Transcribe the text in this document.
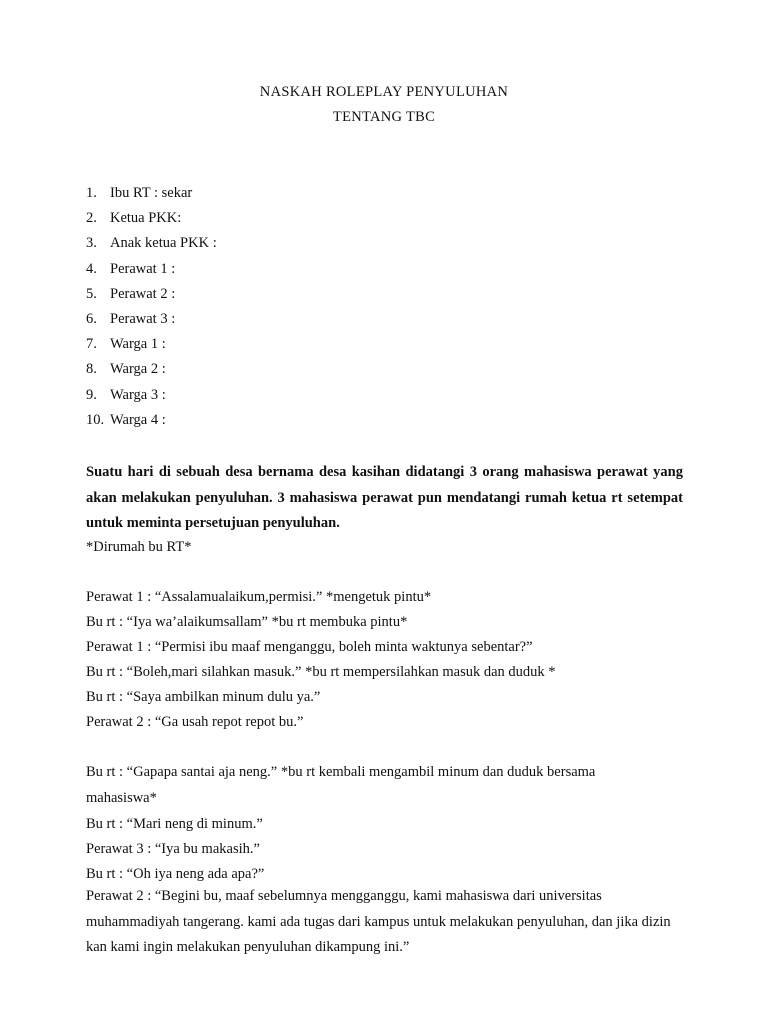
NASKAH ROLEPLAY PENYULUHAN
TENTANG TBC
1. Ibu RT : sekar
2. Ketua PKK:
3. Anak ketua PKK :
4. Perawat 1 :
5. Perawat 2 :
6. Perawat 3 :
7. Warga 1 :
8. Warga 2 :
9. Warga 3 :
10. Warga 4 :

Suatu hari di sebuah desa bernama desa kasihan didatangi 3 orang mahasiswa perawat yang akan melakukan penyuluhan. 3 mahasiswa perawat pun mendatangi rumah ketua rt setempat untuk meminta persetujuan penyuluhan.

*Dirumah bu RT*
Perawat 1 : “Assalamualaikum,permisi.” *mengetuk pintu*
Bu rt : “Iya wa’alaikumsallam” *bu rt membuka pintu*
Perawat 1 : “Permisi ibu maaf menganggu, boleh minta waktunya sebentar?”
Bu rt : “Boleh,mari silahkan masuk.” *bu rt mempersilahkan masuk dan duduk *
Bu rt : “Saya ambilkan minum dulu ya.”
Perawat 2 : “Ga usah repot repot bu.”

Bu rt : “Gapapa santai aja neng.” *bu rt kembali mengambil minum dan duduk bersama mahasiswa*

Bu rt : “Mari neng di minum.”
Perawat 3 : “Iya bu makasih.”
Bu rt : “Oh iya neng ada apa?”

Perawat 2 : “Begini bu, maaf sebelumnya mengganggu, kami mahasiswa dari universitas muhammadiyah tangerang. kami ada tugas dari kampus untuk melakukan penyuluhan, dan jika dizin kan kami ingin melakukan penyuluhan dikampung ini.”
